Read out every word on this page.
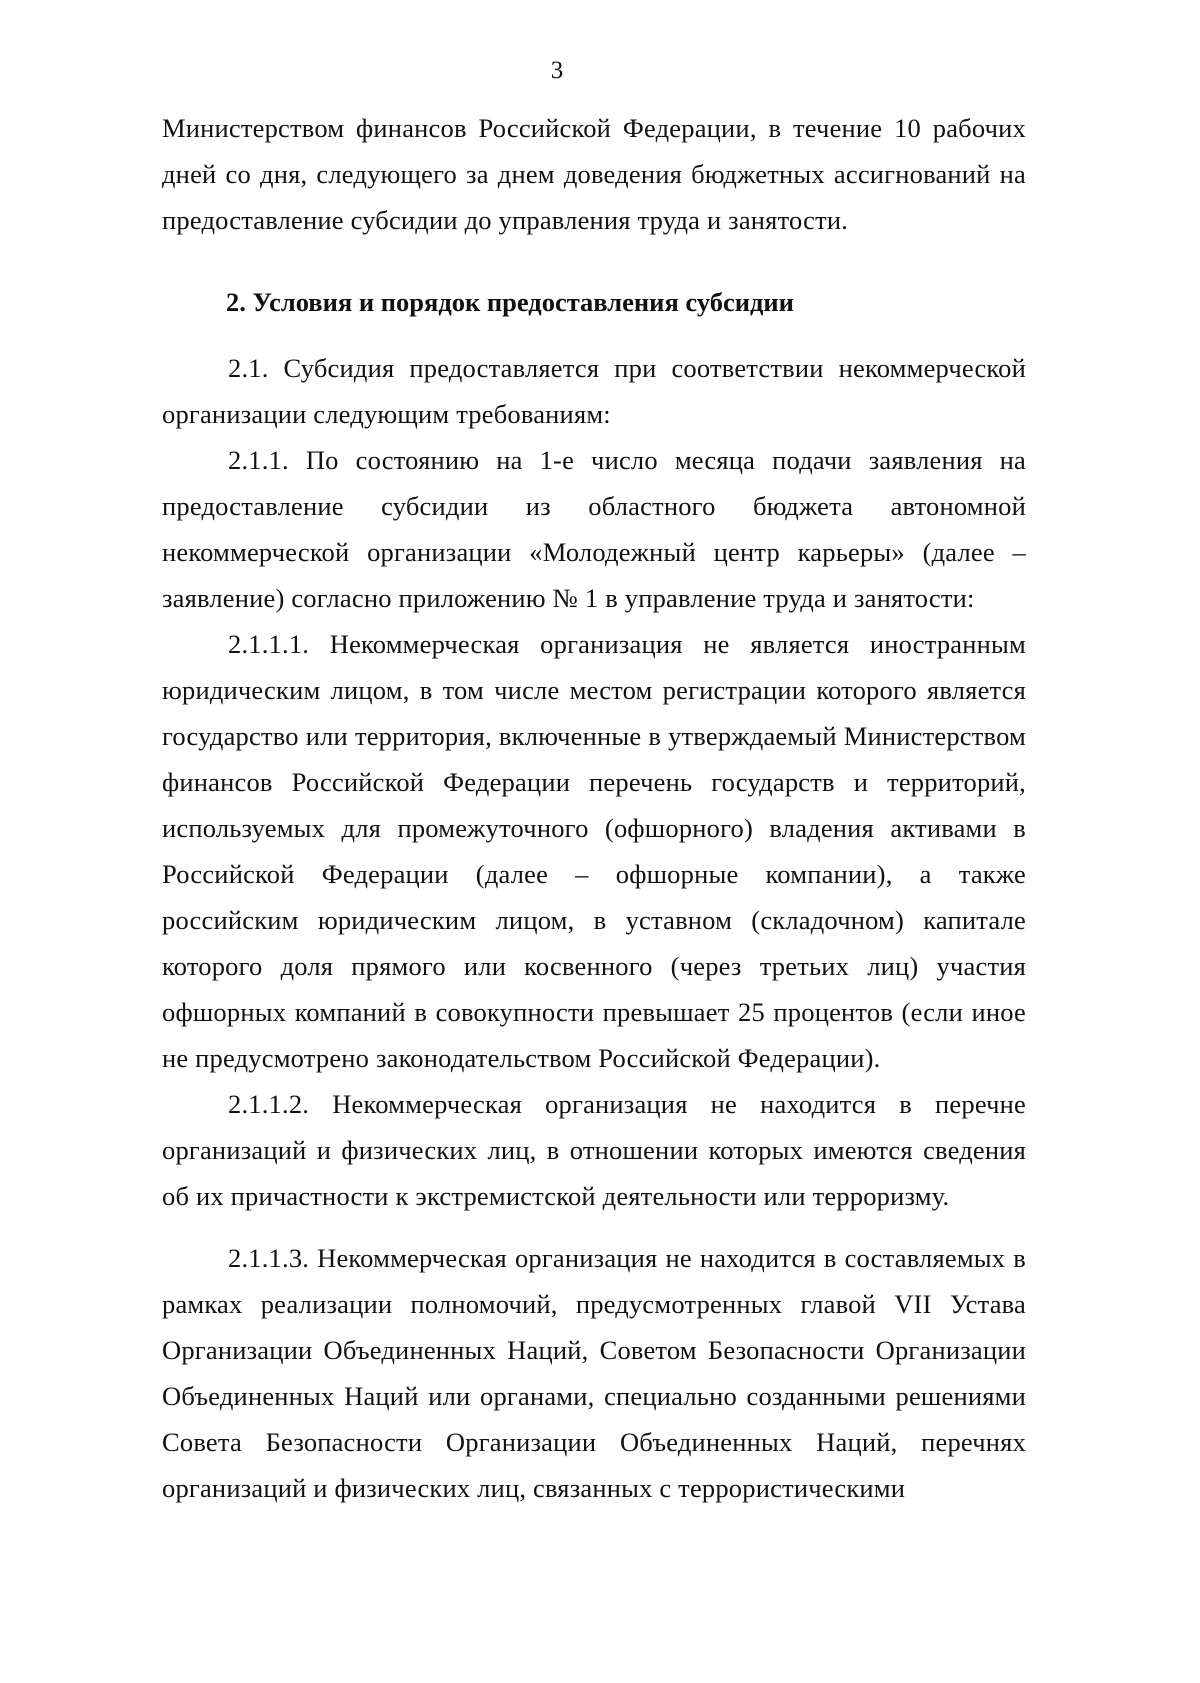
3

Министерством финансов Российской Федерации, в течение 10 рабочих дней со дня, следующего за днем доведения бюджетных ассигнований на предоставление субсидии до управления труда и занятости.

2. Условия и порядок предоставления субсидии

2.1. Субсидия предоставляется при соответствии некоммерческой организации следующим требованиям:

2.1.1. По состоянию на 1-е число месяца подачи заявления на предоставление субсидии из областного бюджета автономной некоммерческой организации «Молодежный центр карьеры» (далее – заявление) согласно приложению № 1 в управление труда и занятости:

2.1.1.1. Некоммерческая организация не является иностранным юридическим лицом, в том числе местом регистрации которого является государство или территория, включенные в утверждаемый Министерством финансов Российской Федерации перечень государств и территорий, используемых для промежуточного (офшорного) владения активами в Российской Федерации (далее – офшорные компании), а также российским юридическим лицом, в уставном (складочном) капитале которого доля прямого или косвенного (через третьих лиц) участия офшорных компаний в совокупности превышает 25 процентов (если иное не предусмотрено законодательством Российской Федерации).

2.1.1.2. Некоммерческая организация не находится в перечне организаций и физических лиц, в отношении которых имеются сведения об их причастности к экстремистской деятельности или терроризму.

2.1.1.3. Некоммерческая организация не находится в составляемых в рамках реализации полномочий, предусмотренных главой VII Устава Организации Объединенных Наций, Советом Безопасности Организации Объединенных Наций или органами, специально созданными решениями Совета Безопасности Организации Объединенных Наций, перечнях организаций и физических лиц, связанных с террористическими
